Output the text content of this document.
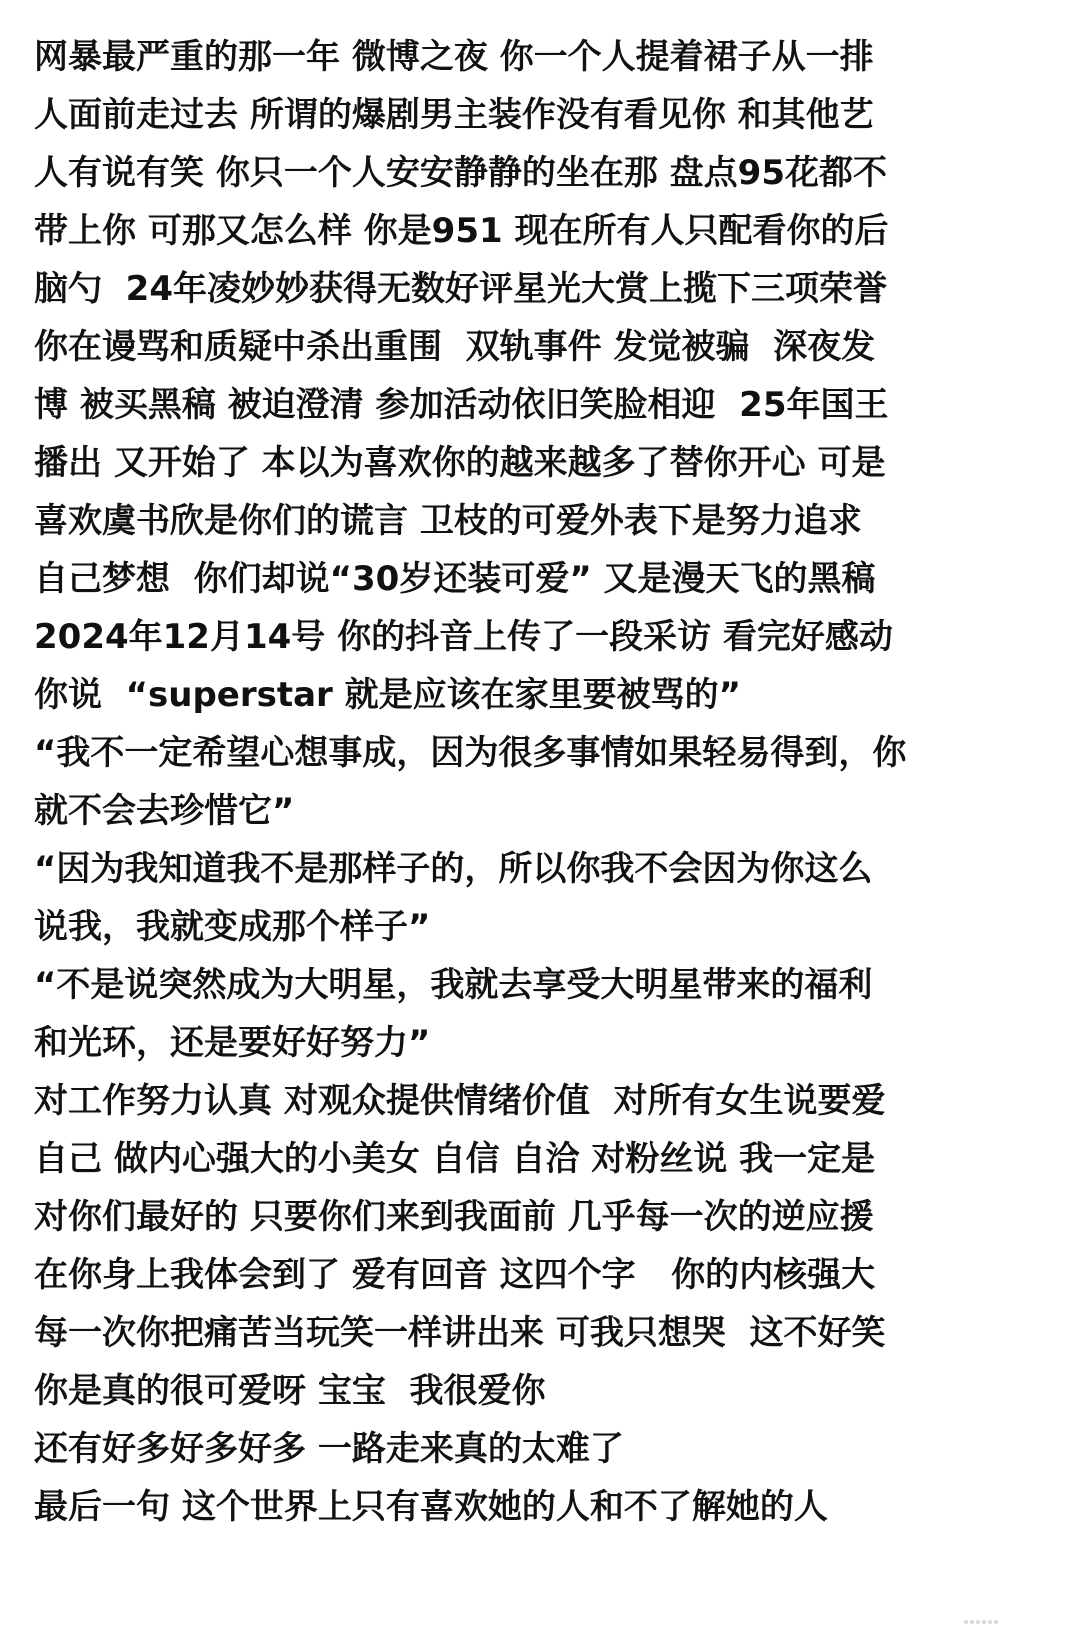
网暴最严重的那一年 微博之夜 你一个人提着裙子从一排
人面前走过去 所谓的爆剧男主装作没有看见你 和其他艺
人有说有笑 你只一个人安安静静的坐在那 盘点95花都不
带上你 可那又怎么样 你是951 现在所有人只配看你的后
脑勺  24年凌妙妙获得无数好评星光大赏上揽下三项荣誉
你在谩骂和质疑中杀出重围  双轨事件 发觉被骗  深夜发
博 被买黑稿 被迫澄清 参加活动依旧笑脸相迎  25年国王
播出 又开始了 本以为喜欢你的越来越多了替你开心 可是
喜欢虞书欣是你们的谎言 卫枝的可爱外表下是努力追求
自己梦想  你们却说“30岁还装可爱” 又是漫天飞的黑稿
2024年12月14号 你的抖音上传了一段采访 看完好感动
你说  “superstar 就是应该在家里要被骂的”
“我不一定希望心想事成，因为很多事情如果轻易得到，你
就不会去珍惜它”
“因为我知道我不是那样子的，所以你我不会因为你这么
说我，我就变成那个样子”
“不是说突然成为大明星，我就去享受大明星带来的福利
和光环，还是要好好努力”
对工作努力认真 对观众提供情绪价值  对所有女生说要爱
自己 做内心强大的小美女 自信 自洽 对粉丝说 我一定是
对你们最好的 只要你们来到我面前 几乎每一次的逆应援
在你身上我体会到了 爱有回音 这四个字   你的内核强大
每一次你把痛苦当玩笑一样讲出来 可我只想哭  这不好笑
你是真的很可爱呀 宝宝  我很爱你
还有好多好多好多 一路走来真的太难了
最后一句 这个世界上只有喜欢她的人和不了解她的人
